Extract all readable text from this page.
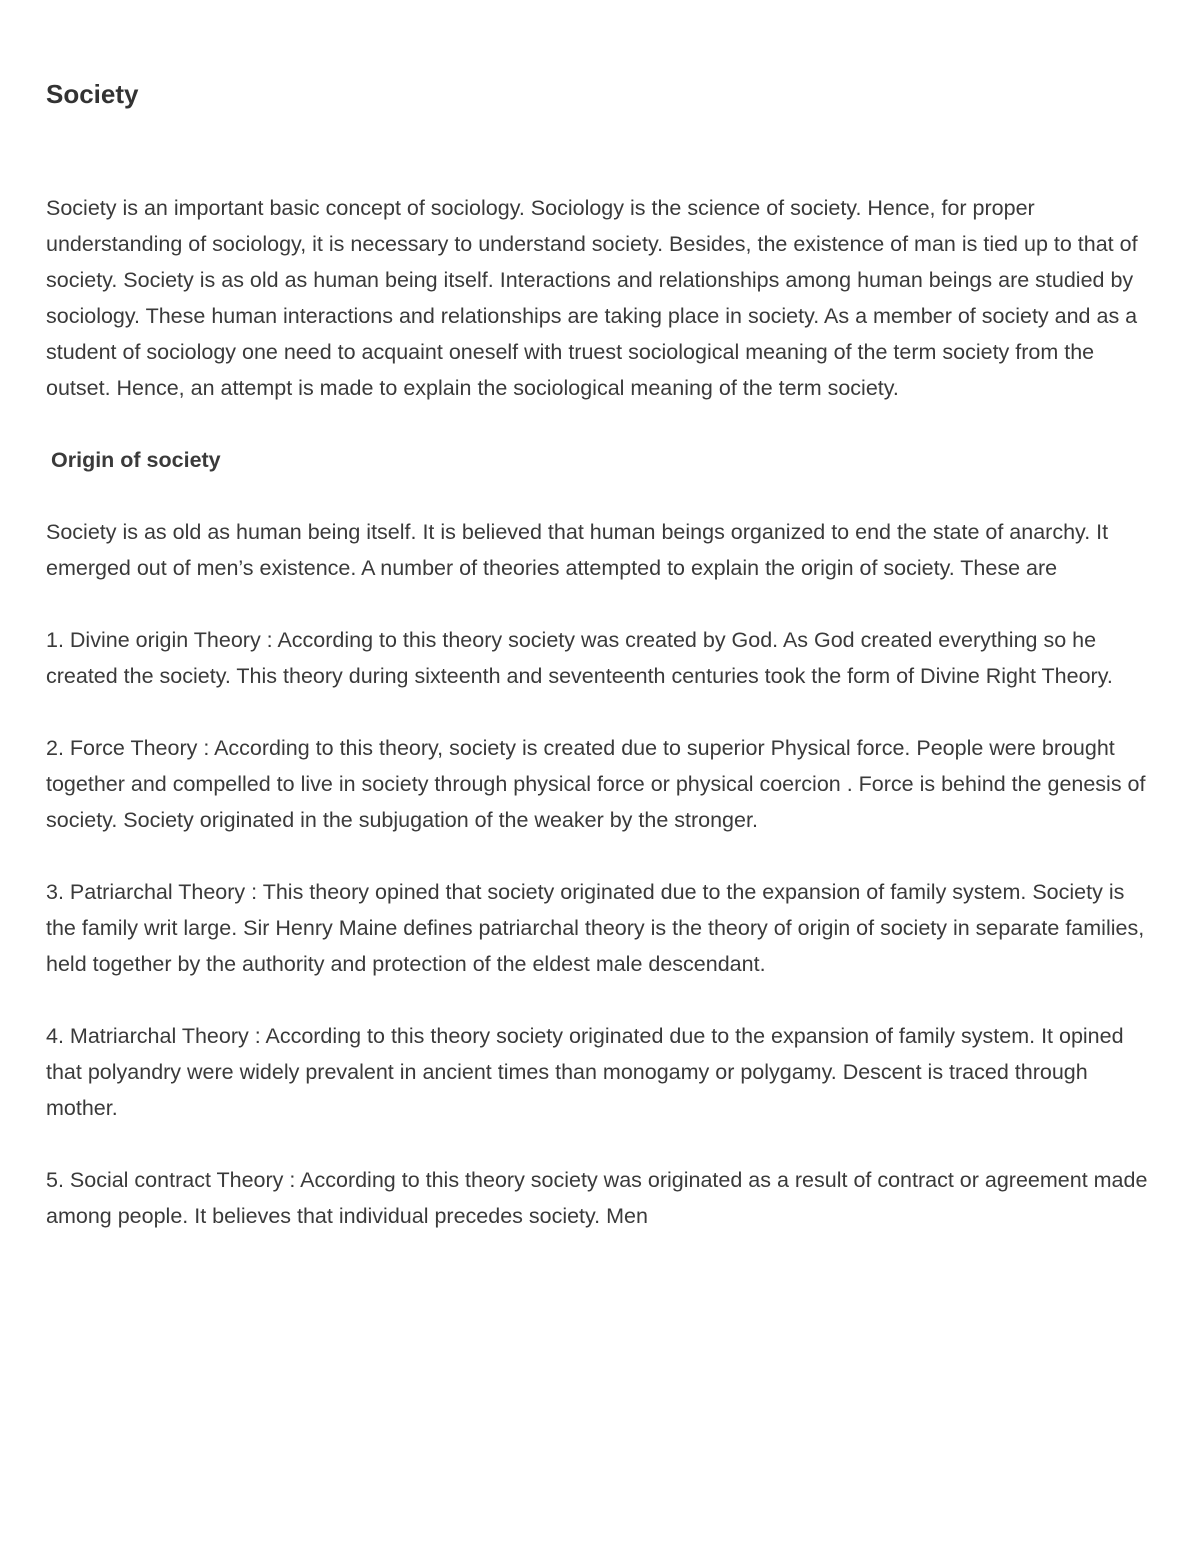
Society

Society is an important basic concept of sociology. Sociology is the science of society. Hence, for proper understanding of sociology, it is necessary to understand society. Besides, the existence of man is tied up to that of society. Society is as old as human being itself. Interactions and relationships among human beings are studied by sociology. These human interactions and relationships are taking place in society. As a member of society and as a student of sociology one need to acquaint oneself with truest sociological meaning of the term society from the outset. Hence, an attempt is made to explain the sociological meaning of the term society.

Origin of society

Society is as old as human being itself. It is believed that human beings organized to end the state of anarchy. It emerged out of men’s existence. A number of theories attempted to explain the origin of society. These are

1. Divine origin Theory : According to this theory society was created by God. As God created everything so he created the society. This theory during sixteenth and seventeenth centuries took the form of Divine Right Theory.

2. Force Theory : According to this theory, society is created due to superior Physical force. People were brought together and compelled to live in society through physical force or physical coercion . Force is behind the genesis of society. Society originated in the subjugation of the weaker by the stronger.

3. Patriarchal Theory : This theory opined that society originated due to the expansion of family system. Society is the family writ large. Sir Henry Maine defines patriarchal theory is the theory of origin of society in separate families, held together by the authority and protection of the eldest male descendant.

4. Matriarchal Theory : According to this theory society originated due to the expansion of family system. It opined that polyandry were widely prevalent in ancient times than monogamy or polygamy. Descent is traced through mother.

5. Social contract Theory : According to this theory society was originated as a result of contract or agreement made among people. It believes that individual precedes society. Men
